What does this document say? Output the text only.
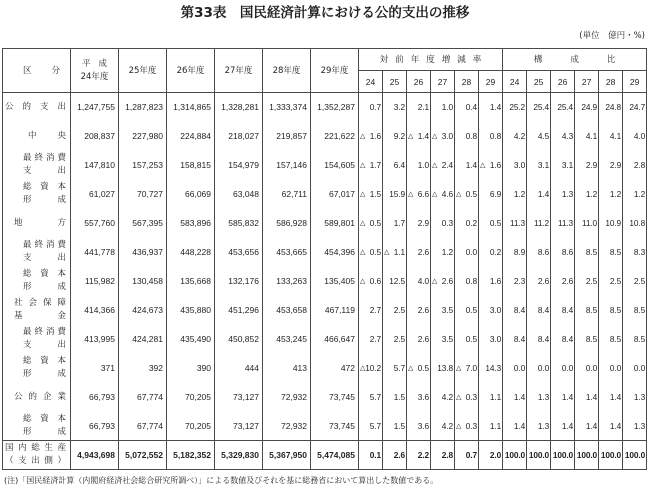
第33表　国民経済計算における公的支出の推移
(単位　億円・%)
区分	平成
24年度	25年度	26年度	27年度	28年度	29年度	対前年度増減率						構成比					
							24	25	26	27	28	29	24	25	26	27	28	29

公的支出	1,247,755	1,287,823	1,314,865	1,328,281	1,333,374	1,352,287	0.7	3.2	2.1	1.0	0.4	1.4	25.2	25.4	25.4	24.9	24.8	24.7

中央	208,837	227,980	224,884	218,027	219,857	221,622	△ 1.6	9.2	△ 1.4	△ 3.0	0.8	0.8	4.2	4.5	4.3	4.1	4.1	4.0

最終消費
支出	147,810	157,253	158,815	154,979	157,146	154,605	△ 1.7	6.4	1.0	△ 2.4	1.4	△ 1.6	3.0	3.1	3.1	2.9	2.9	2.8

総資本
形成	61,027	70,727	66,069	63,048	62,711	67,017	△ 1.5	15.9	△ 6.6	△ 4.6	△ 0.5	6.9	1.2	1.4	1.3	1.2	1.2	1.2

地方	557,760	567,395	583,896	585,832	586,928	589,801	△ 0.5	1.7	2.9	0.3	0.2	0.5	11.3	11.2	11.3	11.0	10.9	10.8

最終消費
支出	441,778	436,937	448,228	453,656	453,665	454,396	△ 0.5	△ 1.1	2.6	1.2	0.0	0.2	8.9	8.6	8.6	8.5	8.5	8.3

総資本
形成	115,982	130,458	135,668	132,176	133,263	135,405	△ 0.6	12.5	4.0	△ 2.6	0.8	1.6	2.3	2.6	2.6	2.5	2.5	2.5

社会保障
基金	414,366	424,673	435,880	451,296	453,658	467,119	2.7	2.5	2.6	3.5	0.5	3.0	8.4	8.4	8.4	8.5	8.5	8.5

最終消費
支出	413,995	424,281	435,490	450,852	453,245	466,647	2.7	2.5	2.6	3.5	0.5	3.0	8.4	8.4	8.4	8.5	8.5	8.5

総資本
形成	371	392	390	444	413	472	△ 10.2	5.7	△ 0.5	13.8	△ 7.0	14.3	0.0	0.0	0.0	0.0	0.0	0.0

公的企業	66,793	67,774	70,205	73,127	72,932	73,745	5.7	1.5	3.6	4.2	△ 0.3	1.1	1.4	1.3	1.4	1.4	1.4	1.3

総資本
形成	66,793	67,774	70,205	73,127	72,932	73,745	5.7	1.5	3.6	4.2	△ 0.3	1.1	1.4	1.3	1.4	1.4	1.4	1.3

国内総生産
（支出側）	4,943,698	5,072,552	5,182,352	5,329,830	5,367,950	5,474,085	0.1	2.6	2.2	2.8	0.7	2.0	100.0	100.0	100.0	100.0	100.0	100.0
(注)「国民経済計算（内閣府経済社会総合研究所調べ）」による数値及びそれを基に総務省において算出した数値である。
